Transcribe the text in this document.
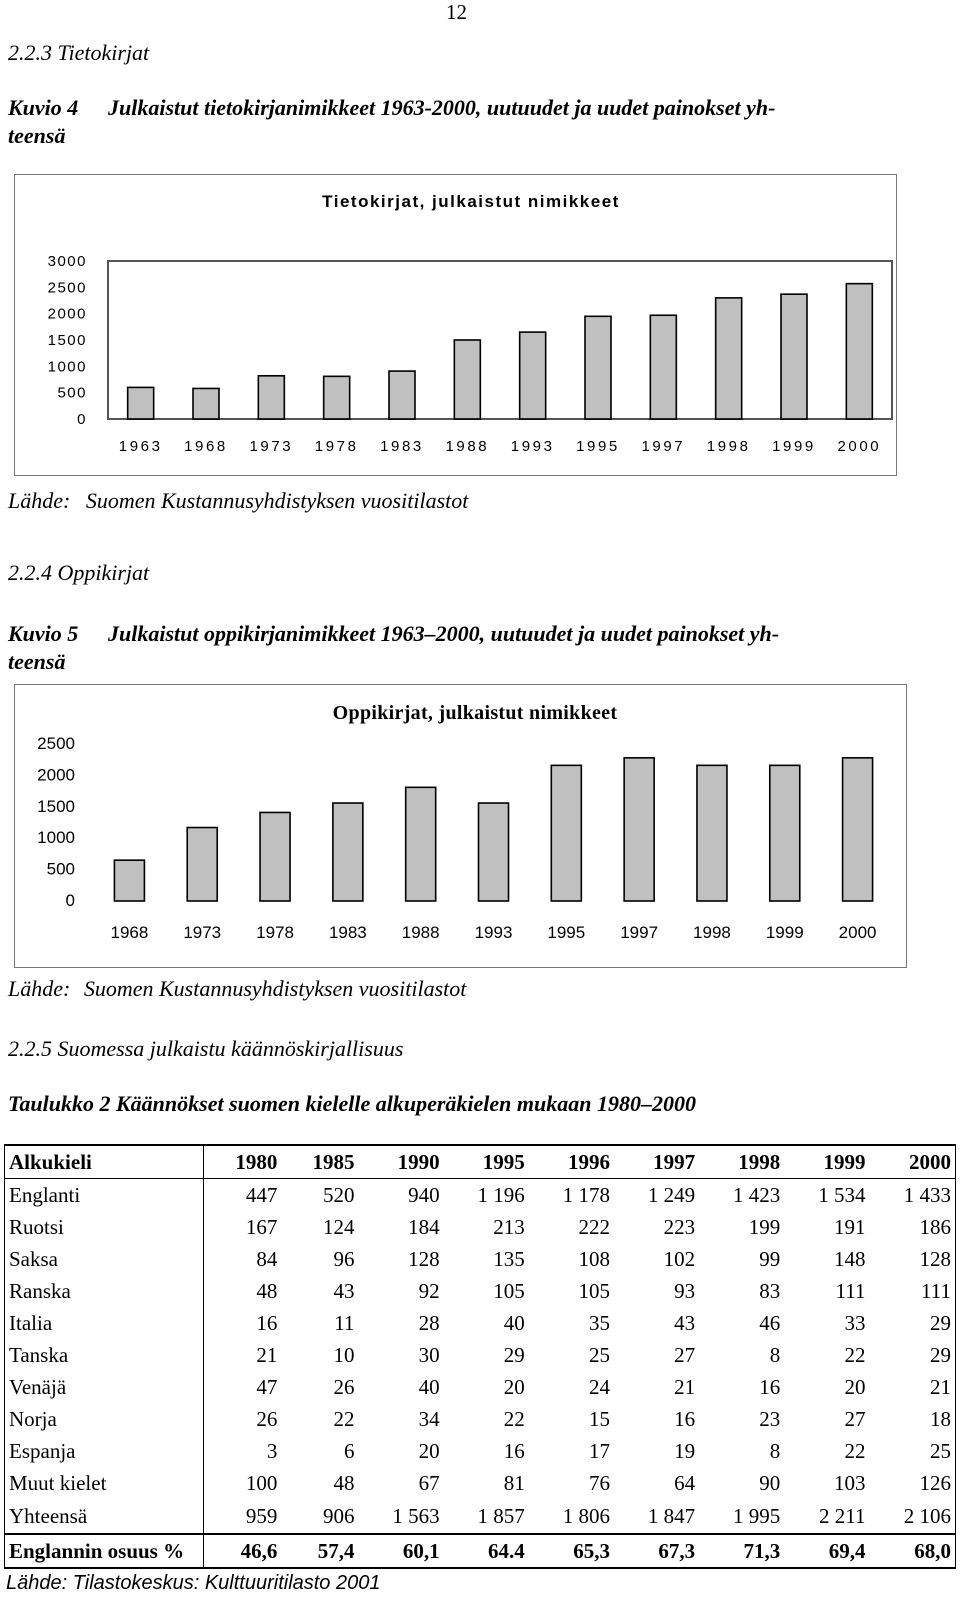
12
2.2.3 Tietokirjat
Kuvio 4 Julkaistut tietokirjanimikkeet 1963-2000, uutuudet ja uudet painokset yh-
teensä
Tietokirjat, julkaistut nimikkeet
0
500
1000
1500
2000
2500
3000
1963 1968 1973 1978 1983 1988 1993 1995 1997 1998 1999 2000
Lähde: Suomen Kustannusyhdistyksen vuositilastot
2.2.4 Oppikirjat
Kuvio 5 Julkaistut oppikirjanimikkeet 1963–2000, uutuudet ja uudet painokset yh-
teensä
Oppikirjat, julkaistut nimikkeet
0
500
1000
1500
2000
2500
1968 1973 1978 1983 1988 1993 1995 1997 1998 1999 2000
Lähde: Suomen Kustannusyhdistyksen vuositilastot
2.2.5 Suomessa julkaistu käännöskirjallisuus
Taulukko 2 Käännökset suomen kielelle alkuperäkielen mukaan 1980–2000
Alkukieli	1980	1985	1990	1995	1996	1997	1998	1999	2000
Englanti	447	520	940	1 196	1 178	1 249	1 423	1 534	1 433
Ruotsi	167	124	184	213	222	223	199	191	186
Saksa	84	96	128	135	108	102	99	148	128
Ranska	48	43	92	105	105	93	83	111	111
Italia	16	11	28	40	35	43	46	33	29
Tanska	21	10	30	29	25	27	8	22	29
Venäjä	47	26	40	20	24	21	16	20	21
Norja	26	22	34	22	15	16	23	27	18
Espanja	3	6	20	16	17	19	8	22	25
Muut kielet	100	48	67	81	76	64	90	103	126
Yhteensä	959	906	1 563	1 857	1 806	1 847	1 995	2 211	2 106
Englannin osuus %	46,6	57,4	60,1	64.4	65,3	67,3	71,3	69,4	68,0
Lähde: Tilastokeskus: Kulttuuritilasto 2001
